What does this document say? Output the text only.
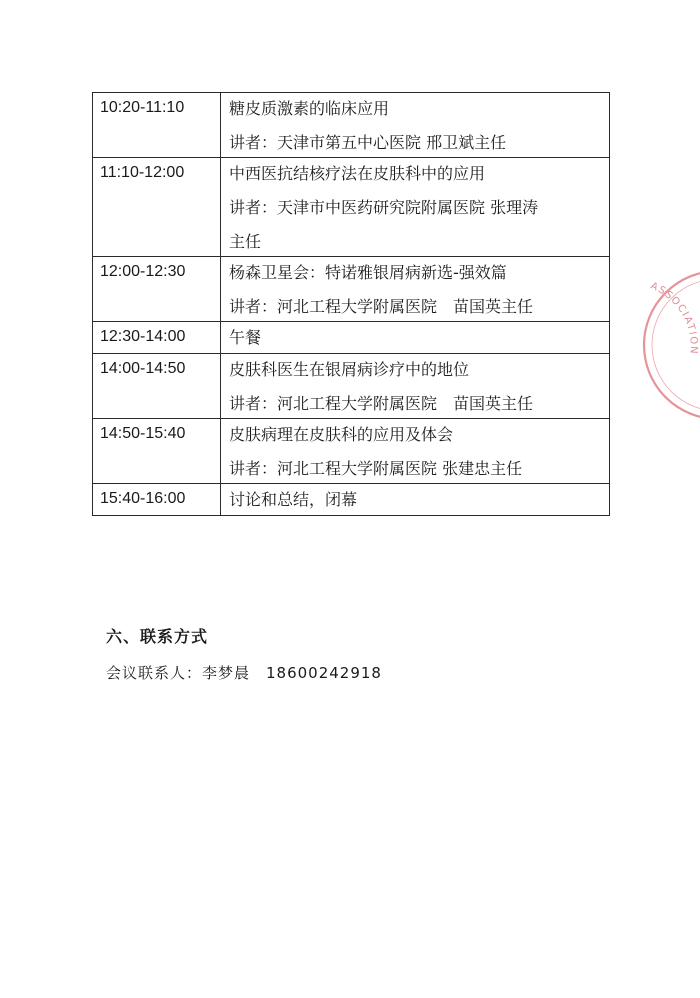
10:20-11:10	糖皮质激素的临床应用
讲者：天津市第五中心医院 邢卫斌主任

11:10-12:00	中西医抗结核疗法在皮肤科中的应用
讲者：天津市中医药研究院附属医院 张理涛
主任

12:00-12:30	杨森卫星会：特诺雅银屑病新选-强效篇
讲者：河北工程大学附属医院　苗国英主任

12:30-14:00	午餐

14:00-14:50	皮肤科医生在银屑病诊疗中的地位
讲者：河北工程大学附属医院　苗国英主任

14:50-15:40	皮肤病理在皮肤科的应用及体会
讲者：河北工程大学附属医院 张建忠主任

15:40-16:00	讨论和总结，闭幕
六、联系方式
会议联系人：李梦晨　18600242918
ASSOCIATION
